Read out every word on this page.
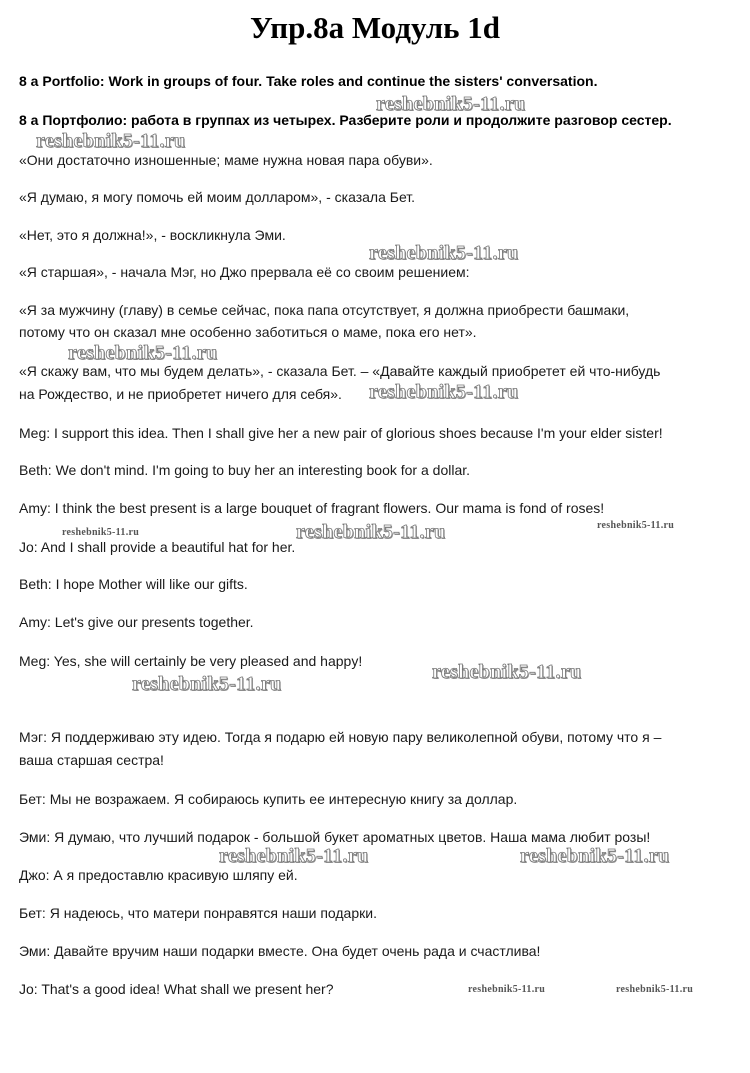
Упр.8a Модуль 1d
8 a Portfolio: Work in groups of four. Take roles and continue the sisters' conversation.
8 а Портфолио: работа в группах из четырех. Разберите роли и продолжите разговор сестер.
«Они достаточно изношенные; маме нужна новая пара обуви».
«Я думаю, я могу помочь ей моим долларом», - сказала Бет.
«Нет, это я должна!», - воскликнула Эми.
«Я старшая», - начала Мэг, но Джо прервала её со своим решением:
«Я за мужчину (главу) в семье сейчас, пока папа отсутствует, я должна приобрести башмаки,
потому что он сказал мне особенно заботиться о маме, пока его нет».
«Я скажу вам, что мы будем делать», - сказала Бет. – «Давайте каждый приобретет ей что-нибудь
на Рождество, и не приобретет ничего для себя».
Meg: I support this idea. Then I shall give her a new pair of glorious shoes because I'm your elder sister!
Beth: We don't mind. I'm going to buy her an interesting book for a dollar.
Amy: I think the best present is a large bouquet of fragrant flowers. Our mama is fond of roses!
Jo: And I shall provide a beautiful hat for her.
Beth: I hope Mother will like our gifts.
Amy: Let's give our presents together.
Meg: Yes, she will certainly be very pleased and happy!
Мэг: Я поддерживаю эту идею. Тогда я подарю ей новую пару великолепной обуви, потому что я –
ваша старшая сестра!
Бет: Мы не возражаем. Я собираюсь купить ее интересную книгу за доллар.
Эми: Я думаю, что лучший подарок - большой букет ароматных цветов. Наша мама любит розы!
Джо: А я предоставлю красивую шляпу ей.
Бет: Я надеюсь, что матери понравятся наши подарки.
Эми: Давайте вручим наши подарки вместе. Она будет очень рада и счастлива!
Jo: That's a good idea! What shall we present her?
reshebnik5-11.ru
reshebnik5-11.ru
reshebnik5-11.ru
reshebnik5-11.ru
reshebnik5-11.ru
reshebnik5-11.ru	reshebnik5-11.ru	reshebnik5-11.ru
reshebnik5-11.ru
reshebnik5-11.ru
reshebnik5-11.ru	reshebnik5-11.ru
reshebnik5-11.ru	reshebnik5-11.ru
